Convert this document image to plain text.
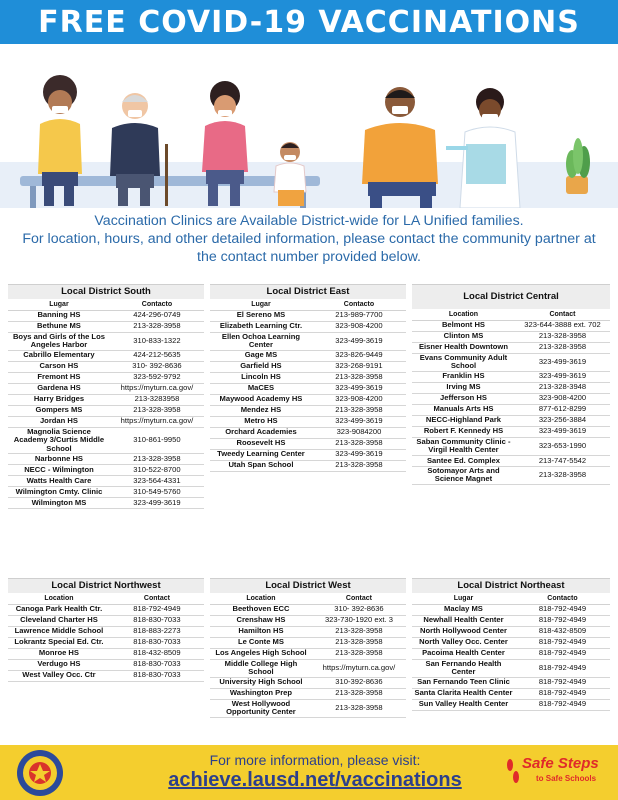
FREE COVID-19 VACCINATIONS
Vaccination Clinics are Available District-wide for LA Unified families.
For location, hours, and other detailed information, please contact the community partner at
the contact number provided below.
Local District South
Lugar	Contacto
Banning HS	424-296-0749
Bethune MS	213-328-3958
Boys and Girls of the Los Angeles Harbor	310-833-1322
Cabrillo Elementary	424-212-5635
Carson HS	310- 392-8636
Fremont HS	323-592-9792
Gardena HS	https://myturn.ca.gov/
Harry Bridges	213-3283958
Gompers MS	213-328-3958
Jordan HS	https://myturn.ca.gov/
Magnolia Science Academy 3/Curtis Middle School	310-861-9950
Narbonne HS	213-328-3958
NECC - Wilmington	310-522-8700
Watts Health Care	323-564-4331
Wilmington Cmty. Clinic	310-549-5760
Wilmington MS	323-499-3619
Local District East
Lugar	Contacto
El Sereno MS	213-989-7700
Elizabeth Learning Ctr.	323-908-4200
Ellen Ochoa Learning Center	323-499-3619
Gage MS	323-826-9449
Garfield HS	323-268-9191
Lincoln HS	213-328-3958
MaCES	323-499-3619
Maywood Academy HS	323-908-4200
Mendez HS	213-328-3958
Metro HS	323-499-3619
Orchard Academies	323-9084200
Roosevelt HS	213-328-3958
Tweedy Learning Center	323-499-3619
Utah Span School	213-328-3958
Local District Central
Location	Contact
Belmont HS	323-644-3888 ext. 702
Clinton MS	213-328-3958
Eisner Health Downtown	213-328-3958
Evans Community Adult School	323-499-3619
Franklin HS	323-499-3619
Irving MS	213-328-3948
Jefferson HS	323-908-4200
Manuals Arts HS	877-612-8299
NECC-Highland Park	323-256-3884
Robert F. Kennedy HS	323-499-3619
Saban Community Clinic - Virgil Health Center	323-653-1990
Santee Ed. Complex	213-747-5542
Sotomayor Arts and Science Magnet	213-328-3958
Local District Northwest
Location	Contact
Canoga Park Health Ctr.	818-792-4949
Cleveland Charter HS	818-830-7033
Lawrence Middle School	818-883-2273
Lokrantz Special Ed. Ctr.	818-830-7033
Monroe HS	818-432-8509
Verdugo HS	818-830-7033
West Valley Occ. Ctr	818-830-7033
Local District West
Location	Contact
Beethoven ECC	310- 392-8636
Crenshaw HS	323-730-1920 ext. 3
Hamilton HS	213-328-3958
Le Conte MS	213-328-3958
Los Angeles High School	213-328-3958
Middle College High School	https://myturn.ca.gov/
University High School	310-392-8636
Washington Prep	213-328-3958
West Hollywood Opportunity Center	213-328-3958
Local District Northeast
Lugar	Contacto
Maclay MS	818-792-4949
Newhall Health Center	818-792-4949
North Hollywood Center	818-432-8509
North Valley Occ. Center	818-792-4949
Pacoima Health Center	818-792-4949
San Fernando Health Center	818-792-4949
San Fernando Teen Clinic	818-792-4949
Santa Clarita Health Center	818-792-4949
Sun Valley Health Center	818-792-4949
For more information, please visit:
achieve.lausd.net/vaccinations
Safe Steps
to Safe Schools
